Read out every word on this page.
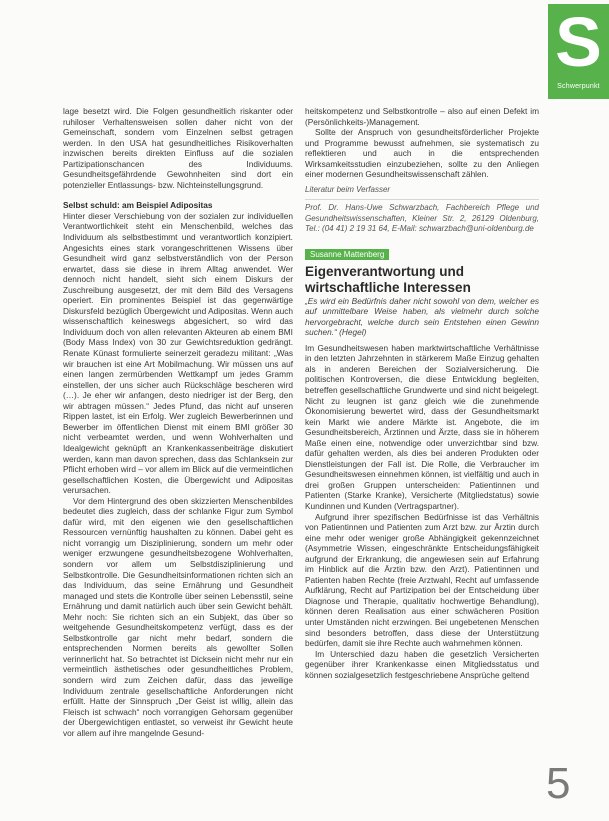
S
Schwerpunkt

lage besetzt wird. Die Folgen gesundheitlich riskanter oder ruhiloser Verhaltensweisen sollen daher nicht von der Gemeinschaft, sondern vom Einzelnen selbst getragen werden. In den USA hat gesundheitliches Risikoverhalten inzwischen bereits direkten Einfluss auf die sozialen Partizipationschancen des Individuums. Gesundheitsgefährdende Gewohnheiten sind dort ein potenzieller Entlassungs- bzw. Nichteinstellungsgrund.

Selbst schuld: am Beispiel Adipositas

Hinter dieser Verschiebung von der sozialen zur individuellen Verantwortlichkeit steht ein Menschenbild, welches das Individuum als selbstbestimmt und verantwortlich konzipiert. Angesichts eines stark vorangeschrittenen Wissens über Gesundheit wird ganz selbstverständlich von der Person erwartet, dass sie diese in ihrem Alltag anwendet. Wer dennoch nicht handelt, sieht sich einem Diskurs der Zuschreibung ausgesetzt, der mit dem Bild des Versagens operiert. Ein prominentes Beispiel ist das gegenwärtige Diskursfeld bezüglich Übergewicht und Adipositas. Wenn auch wissenschaftlich keineswegs abgesichert, so wird das Individuum doch von allen relevanten Akteuren ab einem BMI (Body Mass Index) von 30 zur Gewichtsreduktion gedrängt. Renate Künast formulierte seinerzeit geradezu militant: „Was wir brauchen ist eine Art Mobilmachung. Wir müssen uns auf einen langen zermürbenden Wettkampf um jedes Gramm einstellen, der uns sicher auch Rückschläge bescheren wird (…). Je eher wir anfangen, desto niedriger ist der Berg, den wir abtragen müssen.“ Jedes Pfund, das nicht auf unseren Rippen lastet, ist ein Erfolg. Wer zugleich Bewerberinnen und Bewerber im öffentlichen Dienst mit einem BMI größer 30 nicht verbeamtet werden, und wenn Wohlverhalten und Idealgewicht geknüpft an Krankenkassenbeiträge diskutiert werden, kann man davon sprechen, dass das Schlanksein zur Pflicht erhoben wird – vor allem im Blick auf die vermeintlichen gesellschaftlichen Kosten, die Übergewicht und Adipositas verursachen.

Vor dem Hintergrund des oben skizzierten Menschenbildes bedeutet dies zugleich, dass der schlanke Figur zum Symbol dafür wird, mit den eigenen wie den gesellschaftlichen Ressourcen vernünftig haushalten zu können. Dabei geht es nicht vorrangig um Disziplinierung, sondern um mehr oder weniger erzwungene gesundheitsbezogene Wohlverhalten, sondern vor allem um Selbstdisziplinierung und Selbstkontrolle. Die Gesundheitsinformationen richten sich an das Individuum, das seine Ernährung und Gesundheit managed und stets die Kontrolle über seinen Lebensstil, seine Ernährung und damit natürlich auch über sein Gewicht behält. Mehr noch: Sie richten sich an ein Subjekt, das über so weitgehende Gesundheitskompetenz verfügt, dass es der Selbstkontrolle gar nicht mehr bedarf, sondern die entsprechenden Normen bereits als gewollter Sollen verinnerlicht hat. So betrachtet ist Dicksein nicht mehr nur ein vermeintlich ästhetisches oder gesundheitliches Problem, sondern wird zum Zeichen dafür, dass das jeweilige Individuum zentrale gesellschaftliche Anforderungen nicht erfüllt. Hatte der Sinnspruch „Der Geist ist willig, allein das Fleisch ist schwach“ noch vorrangigen Gehorsam gegenüber der Übergewichtigen entlastet, so verweist ihr Gewicht heute vor allem auf ihre mangelnde Gesund-

heitskompetenz und Selbstkontrolle – also auf einen Defekt im (Persönlichkeits-)Management.

Sollte der Anspruch von gesundheitsförderlicher Projekte und Programme bewusst aufnehmen, sie systematisch zu reflektieren und auch in die entsprechenden Wirksamkeitsstudien einzubeziehen, sollte zu den Anliegen einer modernen Gesundheitswissenschaft zählen.

Literatur beim Verfasser

Prof. Dr. Hans-Uwe Schwarzbach, Fachbereich Pflege und Gesundheitswissenschaften, Kleiner Str. 2, 26129 Oldenburg, Tel.: (04 41) 2 19 31 64, E-Mail: schwarzbach@uni-oldenburg.de

Susanne Mattenberg

Eigenverantwortung und wirtschaftliche Interessen

„Es wird ein Bedürfnis daher nicht sowohl von dem, welcher es auf unmittelbare Weise haben, als vielmehr durch solche hervorgebracht, welche durch sein Entstehen einen Gewinn suchen.“ (Hegel)

Im Gesundheitswesen haben marktwirtschaftliche Verhältnisse in den letzten Jahrzehnten in stärkerem Maße Einzug gehalten als in anderen Bereichen der Sozialversicherung. Die politischen Kontroversen, die diese Entwicklung begleiten, betreffen gesellschaftliche Grundwerte und sind nicht beigelegt. Nicht zu leugnen ist ganz gleich wie die zunehmende Ökonomisierung bewertet wird, dass der Gesundheitsmarkt kein Markt wie andere Märkte ist. Angebote, die im Gesundheitsbereich, Ärztinnen und Ärzte, dass sie in höherem Maße einen eine, notwendige oder unverzichtbar sind bzw. dafür gehalten werden, als dies bei anderen Produkten oder Dienstleistungen der Fall ist. Die Rolle, die Verbraucher im Gesundheitswesen einnehmen können, ist vielfältig und auch in drei großen Gruppen unterscheiden: Patientinnen und Patienten (Starke Kranke), Versicherte (Mitgliedstatus) sowie Kundinnen und Kunden (Vertragspartner).

Aufgrund ihrer spezifischen Bedürfnisse ist das Verhältnis von Patientinnen und Patienten zum Arzt bzw. zur Ärztin durch eine mehr oder weniger große Abhängigkeit gekennzeichnet (Asymmetrie Wissen, eingeschränkte Entscheidungsfähigkeit aufgrund der Erkrankung, die angewiesen sein auf Erfahrung im Hinblick auf die Ärztin bzw. den Arzt). Patientinnen und Patienten haben Rechte (freie Arztwahl, Recht auf umfassende Aufklärung, Recht auf Partizipation bei der Entscheidung über Diagnose und Therapie, qualitativ hochwertige Behandlung), können deren Realisation aus einer schwächeren Position unter Umständen nicht erzwingen. Bei ungebetenen Menschen sind besonders betroffen, dass diese der Unterstützung bedürfen, damit sie ihre Rechte auch wahrnehmen können.

Im Unterschied dazu haben die gesetzlich Versicherten gegenüber ihrer Krankenkasse einen Mitgliedsstatus und können sozialgesetzlich festgeschriebene Ansprüche geltend

5
